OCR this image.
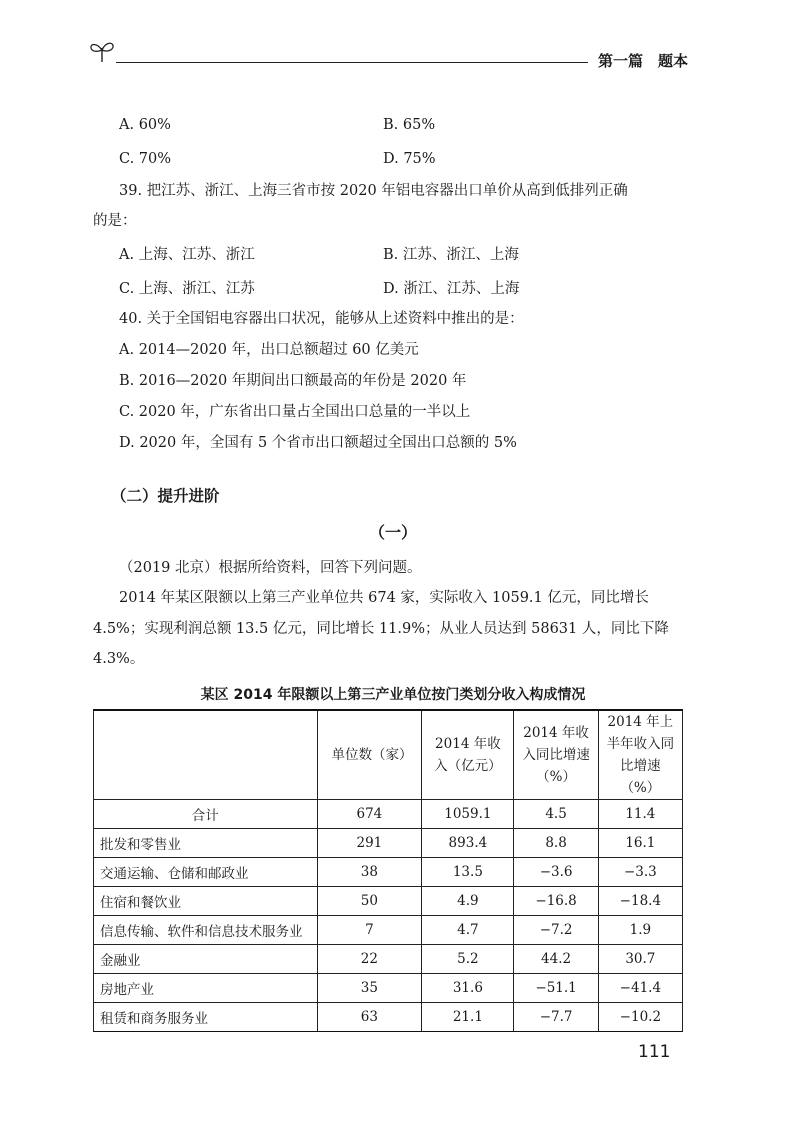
第一篇　题本
A. 60%	B. 65%
C. 70%	D. 75%
39. 把江苏、浙江、上海三省市按 2020 年铝电容器出口单价从高到低排列正确
的是：
A. 上海、江苏、浙江	B. 江苏、浙江、上海
C. 上海、浙江、江苏	D. 浙江、江苏、上海
40. 关于全国铝电容器出口状况，能够从上述资料中推出的是：
A. 2014—2020 年，出口总额超过 60 亿美元
B. 2016—2020 年期间出口额最高的年份是 2020 年
C. 2020 年，广东省出口量占全国出口总量的一半以上
D. 2020 年，全国有 5 个省市出口额超过全国出口总额的 5%
（二）提升进阶
（一）
（2019 北京）根据所给资料，回答下列问题。
2014 年某区限额以上第三产业单位共 674 家，实际收入 1059.1 亿元，同比增长 4.5%；实现利润总额 13.5 亿元，同比增长 11.9%；从业人员达到 58631 人，同比下降 4.3%。
某区 2014 年限额以上第三产业单位按门类划分收入构成情况
	单位数（家）	2014 年收入（亿元）	2014 年收入同比增速（%）	2014 年上半年收入同比增速（%）
合计	674	1059.1	4.5	11.4
批发和零售业	291	893.4	8.8	16.1
交通运输、仓储和邮政业	38	13.5	−3.6	−3.3
住宿和餐饮业	50	4.9	−16.8	−18.4
信息传输、软件和信息技术服务业	7	4.7	−7.2	1.9
金融业	22	5.2	44.2	30.7
房地产业	35	31.6	−51.1	−41.4
租赁和商务服务业	63	21.1	−7.7	−10.2
111
